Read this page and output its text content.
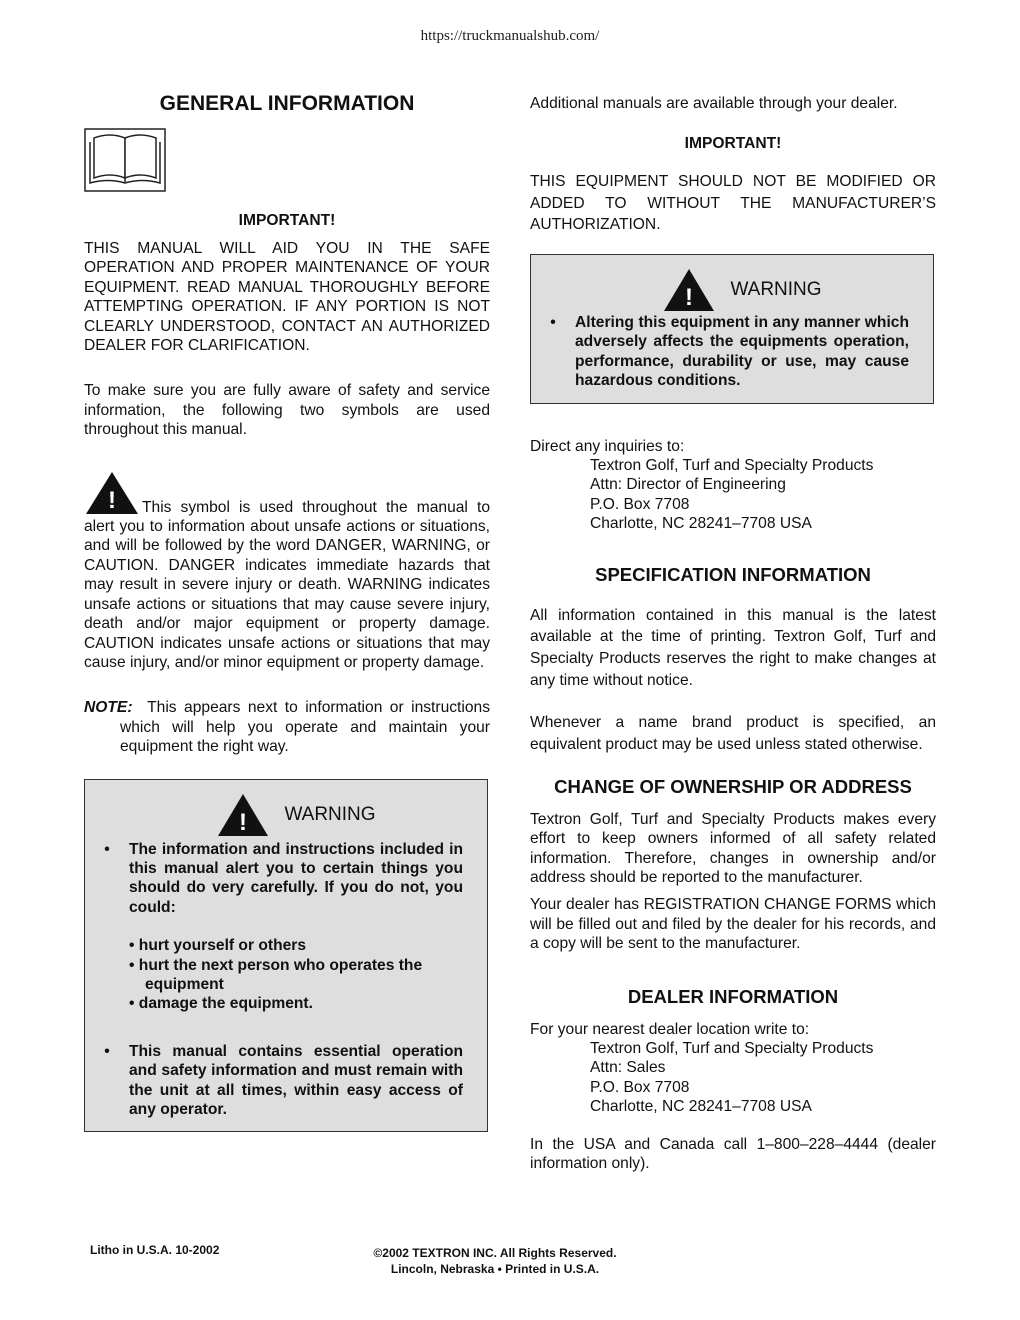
https://truckmanualshub.com/
GENERAL INFORMATION
IMPORTANT!

THIS MANUAL WILL AID YOU IN THE SAFE OPERATION AND PROPER MAINTENANCE OF YOUR EQUIPMENT. READ MANUAL THOROUGHLY BEFORE ATTEMPTING OPERATION. IF ANY PORTION IS NOT CLEARLY UNDERSTOOD, CONTACT AN AUTHORIZED DEALER FOR CLARIFICATION.

To make sure you are fully aware of safety and service information, the following two symbols are used throughout this manual.

! This symbol is used throughout the manual to alert you to information about unsafe actions or situations, and will be followed by the word DANGER, WARNING, or CAUTION. DANGER indicates immediate hazards that may result in severe injury or death. WARNING indicates unsafe actions or situations that may cause severe injury, death and/or major equipment or property damage. CAUTION indicates unsafe actions or situations that may cause injury, and/or minor equipment or property damage.

NOTE: This appears next to information or instructions which will help you operate and maintain your equipment the right way.
! WARNING
•	The information and instructions included in this manual alert you to certain things you should do very carefully. If you do not, you could:
• hurt yourself or others
• hurt the next person who operates the
equipment
• damage the equipment.
•	This manual contains essential operation and safety information and must remain with the unit at all times, within easy access of any operator.

Additional manuals are available through your dealer.

IMPORTANT!

THIS EQUIPMENT SHOULD NOT BE MODIFIED OR ADDED TO WITHOUT THE MANUFACTURER’S AUTHORIZATION.

! WARNING
•	Altering this equipment in any manner which adversely affects the equipments operation, performance, durability or use, may cause hazardous conditions.

Direct any inquiries to:

Textron Golf, Turf and Specialty Products
Attn: Director of Engineering
P.O. Box 7708
Charlotte, NC 28241–7708 USA
SPECIFICATION INFORMATION

All information contained in this manual is the latest available at the time of printing. Textron Golf, Turf and Specialty Products reserves the right to make changes at any time without notice.

Whenever a name brand product is specified, an equivalent product may be used unless stated otherwise.

CHANGE OF OWNERSHIP OR ADDRESS

Textron Golf, Turf and Specialty Products makes every effort to keep owners informed of all safety related information. Therefore, changes in ownership and/or address should be reported to the manufacturer.

Your dealer has REGISTRATION CHANGE FORMS which will be filled out and filed by the dealer for his records, and a copy will be sent to the manufacturer.

DEALER INFORMATION

For your nearest dealer location write to:

Textron Golf, Turf and Specialty Products
Attn: Sales
P.O. Box 7708
Charlotte, NC 28241–7708 USA

In the USA and Canada call 1–800–228–4444 (dealer information only).

Litho in U.S.A. 10-2002	©2002 TEXTRON INC. All Rights Reserved.
Lincoln, Nebraska • Printed in U.S.A.
